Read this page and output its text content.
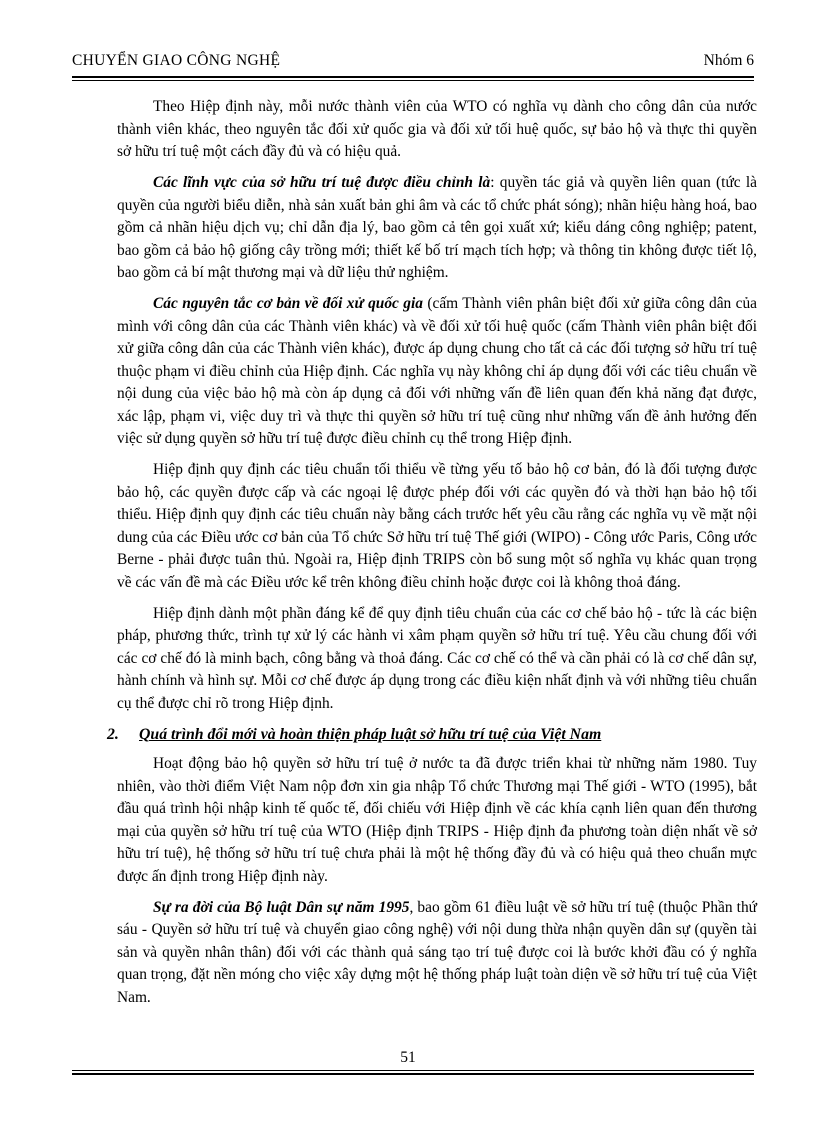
CHUYỂN GIAO CÔNG NGHỆ	Nhóm 6

Theo Hiệp định này, mỗi nước thành viên của WTO có nghĩa vụ dành cho công dân của nước thành viên khác, theo nguyên tắc đối xử quốc gia và đối xử tối huệ quốc, sự bảo hộ và thực thi quyền sở hữu trí tuệ một cách đầy đủ và có hiệu quả.

Các lĩnh vực của sở hữu trí tuệ được điều chỉnh là: quyền tác giả và quyền liên quan (tức là quyền của người biểu diễn, nhà sản xuất bản ghi âm và các tổ chức phát sóng); nhãn hiệu hàng hoá, bao gồm cả nhãn hiệu dịch vụ; chỉ dẫn địa lý, bao gồm cả tên gọi xuất xứ; kiểu dáng công nghiệp; patent, bao gồm cả bảo hộ giống cây trồng mới; thiết kế bố trí mạch tích hợp; và thông tin không được tiết lộ, bao gồm cả bí mật thương mại và dữ liệu thử nghiệm.

Các nguyên tắc cơ bản về đối xử quốc gia (cấm Thành viên phân biệt đối xử giữa công dân của mình với công dân của các Thành viên khác) và về đối xử tối huệ quốc (cấm Thành viên phân biệt đối xử giữa công dân của các Thành viên khác), được áp dụng chung cho tất cả các đối tượng sở hữu trí tuệ thuộc phạm vi điều chỉnh của Hiệp định. Các nghĩa vụ này không chỉ áp dụng đối với các tiêu chuẩn về nội dung của việc bảo hộ mà còn áp dụng cả đối với những vấn đề liên quan đến khả năng đạt được, xác lập, phạm vi, việc duy trì và thực thi quyền sở hữu trí tuệ cũng như những vấn đề ảnh hưởng đến việc sử dụng quyền sở hữu trí tuệ được điều chỉnh cụ thể trong Hiệp định.

Hiệp định quy định các tiêu chuẩn tối thiểu về từng yếu tố bảo hộ cơ bản, đó là đối tượng được bảo hộ, các quyền được cấp và các ngoại lệ được phép đối với các quyền đó và thời hạn bảo hộ tối thiểu. Hiệp định quy định các tiêu chuẩn này bằng cách trước hết yêu cầu rằng các nghĩa vụ về mặt nội dung của các Điều ước cơ bản của Tổ chức Sở hữu trí tuệ Thế giới (WIPO) - Công ước Paris, Công ước Berne - phải được tuân thủ. Ngoài ra, Hiệp định TRIPS còn bổ sung một số nghĩa vụ khác quan trọng về các vấn đề mà các Điều ước kể trên không điều chỉnh hoặc được coi là không thoả đáng.

Hiệp định dành một phần đáng kể để quy định tiêu chuẩn của các cơ chế bảo hộ - tức là các biện pháp, phương thức, trình tự xử lý các hành vi xâm phạm quyền sở hữu trí tuệ. Yêu cầu chung đối với các cơ chế đó là minh bạch, công bằng và thoả đáng. Các cơ chế có thể và cần phải có là cơ chế dân sự, hành chính và hình sự. Mỗi cơ chế được áp dụng trong các điều kiện nhất định và với những tiêu chuẩn cụ thể được chỉ rõ trong Hiệp định.

2.	Quá trình đổi mới và hoàn thiện pháp luật sở hữu trí tuệ của Việt Nam

Hoạt động bảo hộ quyền sở hữu trí tuệ ở nước ta đã được triển khai từ những năm 1980. Tuy nhiên, vào thời điểm Việt Nam nộp đơn xin gia nhập Tổ chức Thương mại Thế giới - WTO (1995), bắt đầu quá trình hội nhập kinh tế quốc tế, đối chiếu với Hiệp định về các khía cạnh liên quan đến thương mại của quyền sở hữu trí tuệ của WTO (Hiệp định TRIPS - Hiệp định đa phương toàn diện nhất về sở hữu trí tuệ), hệ thống sở hữu trí tuệ chưa phải là một hệ thống đầy đủ và có hiệu quả theo chuẩn mực được ấn định trong Hiệp định này.

Sự ra đời của Bộ luật Dân sự năm 1995, bao gồm 61 điều luật về sở hữu trí tuệ (thuộc Phần thứ sáu - Quyền sở hữu trí tuệ và chuyển giao công nghệ) với nội dung thừa nhận quyền dân sự (quyền tài sản và quyền nhân thân) đối với các thành quả sáng tạo trí tuệ được coi là bước khởi đầu có ý nghĩa quan trọng, đặt nền móng cho việc xây dựng một hệ thống pháp luật toàn diện về sở hữu trí tuệ của Việt Nam.

51
